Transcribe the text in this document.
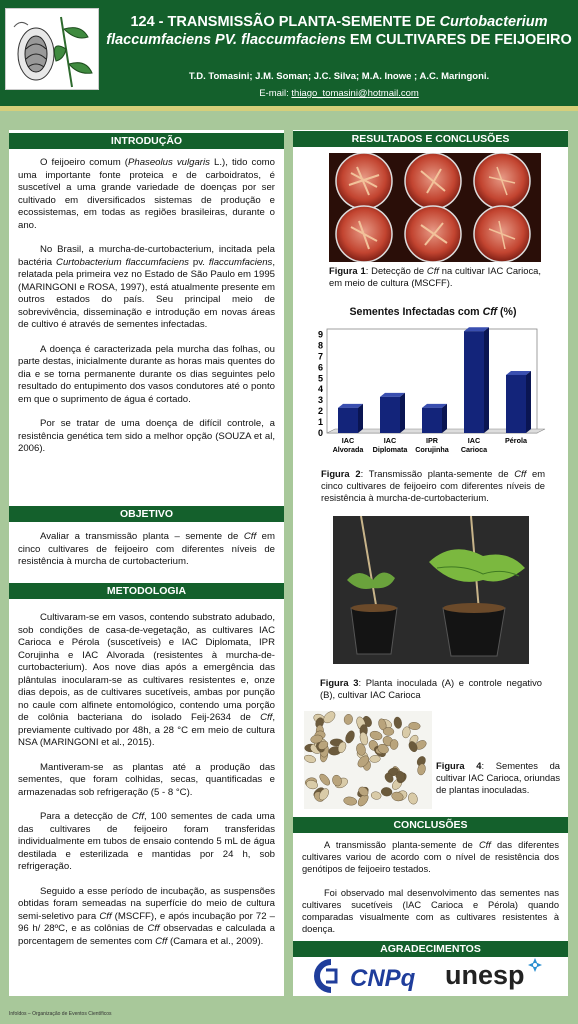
124 - TRANSMISSÃO PLANTA-SEMENTE DE Curtobacterium
flaccumfaciens PV. flaccumfaciens EM CULTIVARES DE FEIJOEIRO
T.D. Tomasini; J.M. Soman; J.C. Silva; M.A. Inowe ; A.C. Maringoni.
E-mail: thiago_tomasini@hotmail.com
INTRODUÇÃO

O feijoeiro comum (Phaseolus vulgaris L.), tido como uma importante fonte proteica e de carboidratos, é suscetível a uma grande variedade de doenças por ser cultivado em diversificados sistemas de produção e ecossistemas, em todas as regiões brasileiras, durante o ano.

No Brasil, a murcha-de-curtobacterium, incitada pela bactéria Curtobacterium flaccumfaciens pv. flaccumfaciens, relatada pela primeira vez no Estado de São Paulo em 1995 (MARINGONI e ROSA, 1997), está atualmente presente em outros estados do país. Seu principal meio de sobrevivência, disseminação e introdução em novas áreas de cultivo é através de sementes infectadas.

A doença é caracterizada pela murcha das folhas, ou parte destas, inicialmente durante as horas mais quentes do dia e se torna permanente durante os dias seguintes pelo resultado do entupimento dos vasos condutores até o ponto em que o suprimento de água é cortado.

Por se tratar de uma doença de difícil controle, a resistência genética tem sido a melhor opção (SOUZA et al, 2006).

OBJETIVO

Avaliar a transmissão planta – semente de Cff em cinco cultivares de feijoeiro com diferentes níveis de resistência à murcha de curtobacterium.

METODOLOGIA

Cultivaram-se em vasos, contendo substrato adubado, sob condições de casa-de-vegetação, as cultivares IAC Carioca e Pérola (suscetíveis) e IAC Diplomata, IPR Corujinha e IAC Alvorada (resistentes à murcha-de-curtobacterium). Aos nove dias após a emergência das plântulas inocularam-se as cultivares resistentes e, onze dias depois, as de cultivares sucetíveis, ambas por punção no caule com alfinete entomológico, contendo uma porção de colônia bacteriana do isolado Feij-2634 de Cff, previamente cultivado por 48h, a 28 °C em meio de cultura NSA (MARINGONI et al., 2015).

Mantiveram-se as plantas até a produção das sementes, que foram colhidas, secas, quantificadas e armazenadas sob refrigeração (5 - 8 °C).

Para a detecção de Cff, 100 sementes de cada uma das cultivares de feijoeiro foram transferidas individualmente em tubos de ensaio contendo 5 mL de água destilada e esterilizada e mantidas por 24 h, sob refrigeração.

Seguido a esse período de incubação, as suspensões obtidas foram semeadas na superfície do meio de cultura semi-seletivo para Cff (MSCFF), e após incubação por 72 – 96 h/ 28ºC, e as colônias de Cff observadas e calculada a porcentagem de sementes com Cff (Camara et al., 2009).

RESULTADOS E CONCLUSÕES
Figura 1: Detecção de Cff na cultivar IAC Carioca, em meio de cultura (MSCFF).
Sementes Infectadas com Cff (%)
0
1
2
3
4
5
6
7
8
9
IAC Alvorada
IAC Diplomata
IPR Corujinha
IAC Carioca
Pérola
Figura 2: Transmissão planta-semente de Cff em cinco cultivares de feijoeiro com diferentes níveis de resistência à murcha-de-curtobacterium.
Figura 3: Planta inoculada (A) e controle negativo (B), cultivar IAC Carioca
Figura 4: Sementes da cultivar IAC Carioca, oriundas de plantas inoculadas.
CONCLUSÕES

A transmissão planta-semente de Cff das diferentes cultivares variou de acordo com o nível de resistência dos genótipos de feijoeiro testados.

Foi observado mal desenvolvimento das sementes nas cultivares sucetíveis (IAC Carioca e Pérola) quando comparadas visualmente com as cultivares resistentes à doença.

AGRADECIMENTOS
CNPq unesp
Infoldos – Organização de Eventos Científicos
